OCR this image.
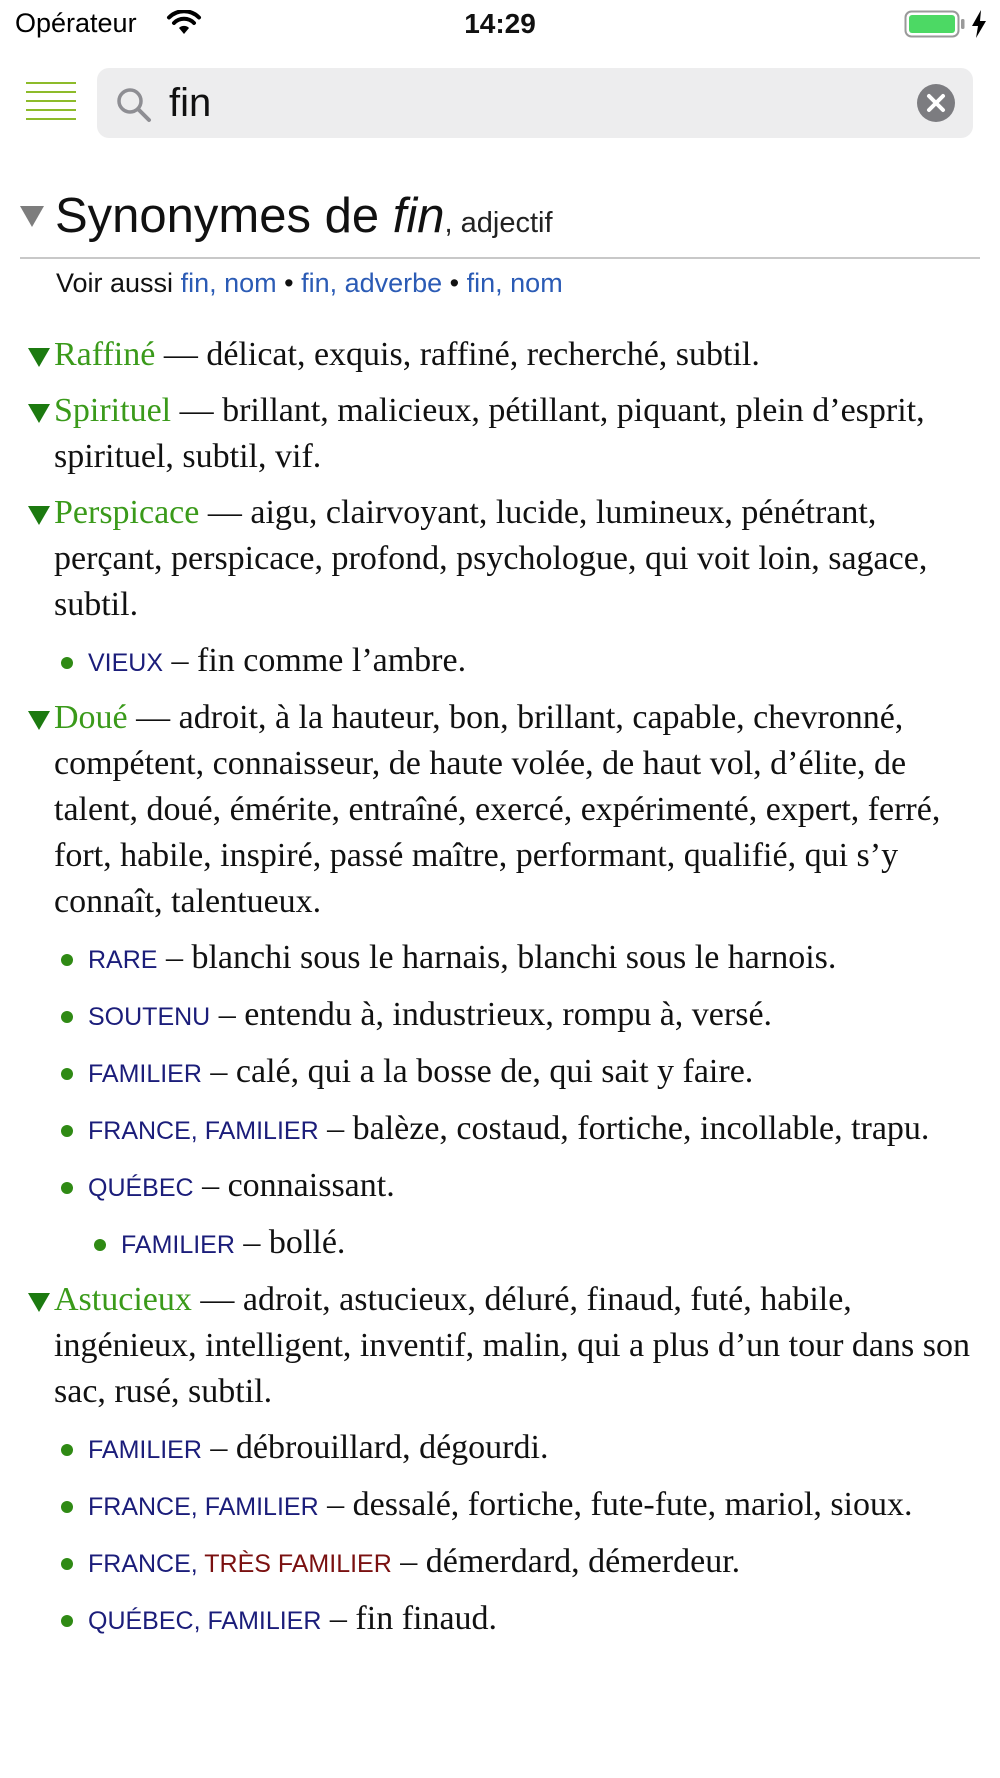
Opérateur	14:29
fin
Synonymes de fin, adjectif
Voir aussi fin, nom • fin, adverbe • fin, nom
Raffiné — délicat, exquis, raffiné, recherché, subtil.
Spirituel — brillant, malicieux, pétillant, piquant, plein d’esprit, spirituel, subtil, vif.
Perspicace — aigu, clairvoyant, lucide, lumineux, pénétrant, perçant, perspicace, profond, psychologue, qui voit loin, sagace, subtil.
VIEUX – fin comme l’ambre.
Doué — adroit, à la hauteur, bon, brillant, capable, chevronné, compétent, connaisseur, de haute volée, de haut vol, d’élite, de talent, doué, émérite, entraîné, exercé, expérimenté, expert, ferré, fort, habile, inspiré, passé maître, performant, qualifié, qui s’y connaît, talentueux.
RARE – blanchi sous le harnais, blanchi sous le harnois.
SOUTENU – entendu à, industrieux, rompu à, versé.
FAMILIER – calé, qui a la bosse de, qui sait y faire.
FRANCE, FAMILIER – balèze, costaud, fortiche, incollable, trapu.
QUÉBEC – connaissant.
FAMILIER – bollé.
Astucieux — adroit, astucieux, déluré, finaud, futé, habile, ingénieux, intelligent, inventif, malin, qui a plus d’un tour dans son sac, rusé, subtil.
FAMILIER – débrouillard, dégourdi.
FRANCE, FAMILIER – dessalé, fortiche, fute-fute, mariol, sioux.
FRANCE, TRÈS FAMILIER – démerdard, démerdeur.
QUÉBEC, FAMILIER – fin finaud.
